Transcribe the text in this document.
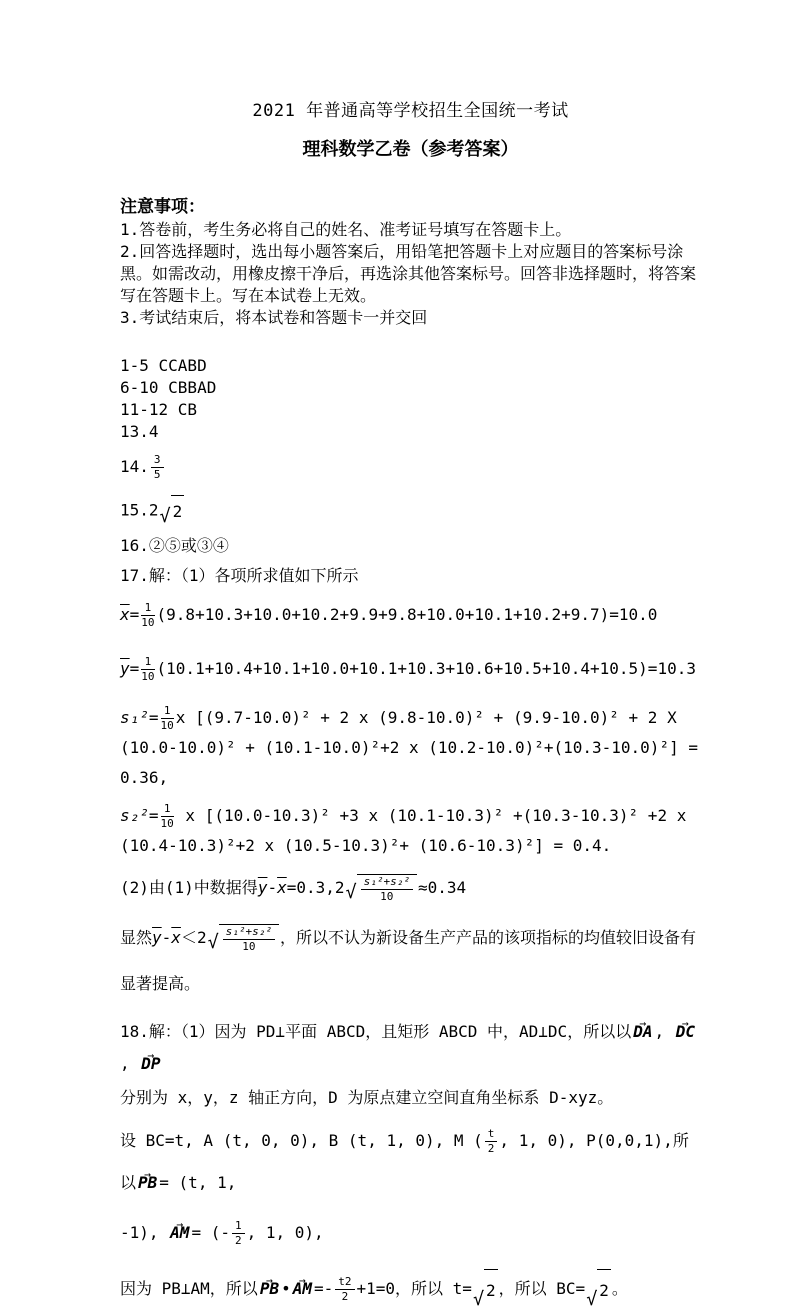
2021 年普通高等学校招生全国统一考试
理科数学乙卷（参考答案）
注意事项：
1.答卷前，考生务必将自己的姓名、准考证号填写在答题卡上。
2.回答选择题时，选出每小题答案后，用铅笔把答题卡上对应题目的答案标号涂黑。如需改动，用橡皮擦干净后，再选涂其他答案标号。回答非选择题时，将答案写在答题卡上。写在本试卷上无效。
3.考试结束后，将本试卷和答题卡一并交回
1-5 CCABD
6-10 CBBAD
11-12 CB
13.4
14. $\frac{3}{5}$
15.2 √ 2
16.②⑤或③④
17.解：（1）各项所求值如下所示
$\overline{x}= \frac{1}{10} (9.8+10.3+10.0+10.2+9.9+9.8+10.0+10.1+10.2+9.7)=10.0$
$\overline{y}= \frac{1}{10} (10.1+10.4+10.1+10.0+10.1+10.3+10.6+10.5+10.4+10.5)=10.3$
$s_1^2= \frac{1}{10}$ x [(9.7-10.0)² + 2 x (9.8-10.0)² + (9.9-10.0)² + 2 X (10.0-10.0)² + (10.1-10.0)²+2 x (10.2-10.0)²+(10.3-10.0)²] = 0.36,
$s_2^2= \frac{1}{10}$ x [(10.0-10.3)² +3 x (10.1-10.3)² +(10.3-10.3)² +2 x (10.4-10.3)²+2 x (10.5-10.3)²+ (10.6-10.3)²] = 0.4.
(2)由(1)中数据得$\overline{y}-\overline{x}=0.3,2$ √ $\frac{\text{s₁²+s₂²}}{10} \approx 0.34$
显然$\overline{y}-\overline{x}<2$ √ $\frac{\text{s₁²+s₂²}}{10}$ ，所以不认为新设备生产产品的该项指标的均值较旧设备有显著提高。
18.解：（1）因为 PD⊥平面 ABCD，且矩形 ABCD 中，AD⊥DC，所以以 DA → , DC →, DP →
分别为 x，y，z 轴正方向，D 为原点建立空间直角坐标系 D-xyz。
设 BC=t, A (t, 0, 0), B (t, 1, 0), M ( $\frac{t}{2}$ , 1, 0), P(0,0,1),所以 PB → = (t, 1,
-1), AM → = (- $\frac{1}{2}$ , 1, 0),
因为 PB⊥AM，所以 PB → • AM → =- $\frac{t2}{2} +1=0$，所以 t=
√ 2 ，所以 BC=
√ 2 。
